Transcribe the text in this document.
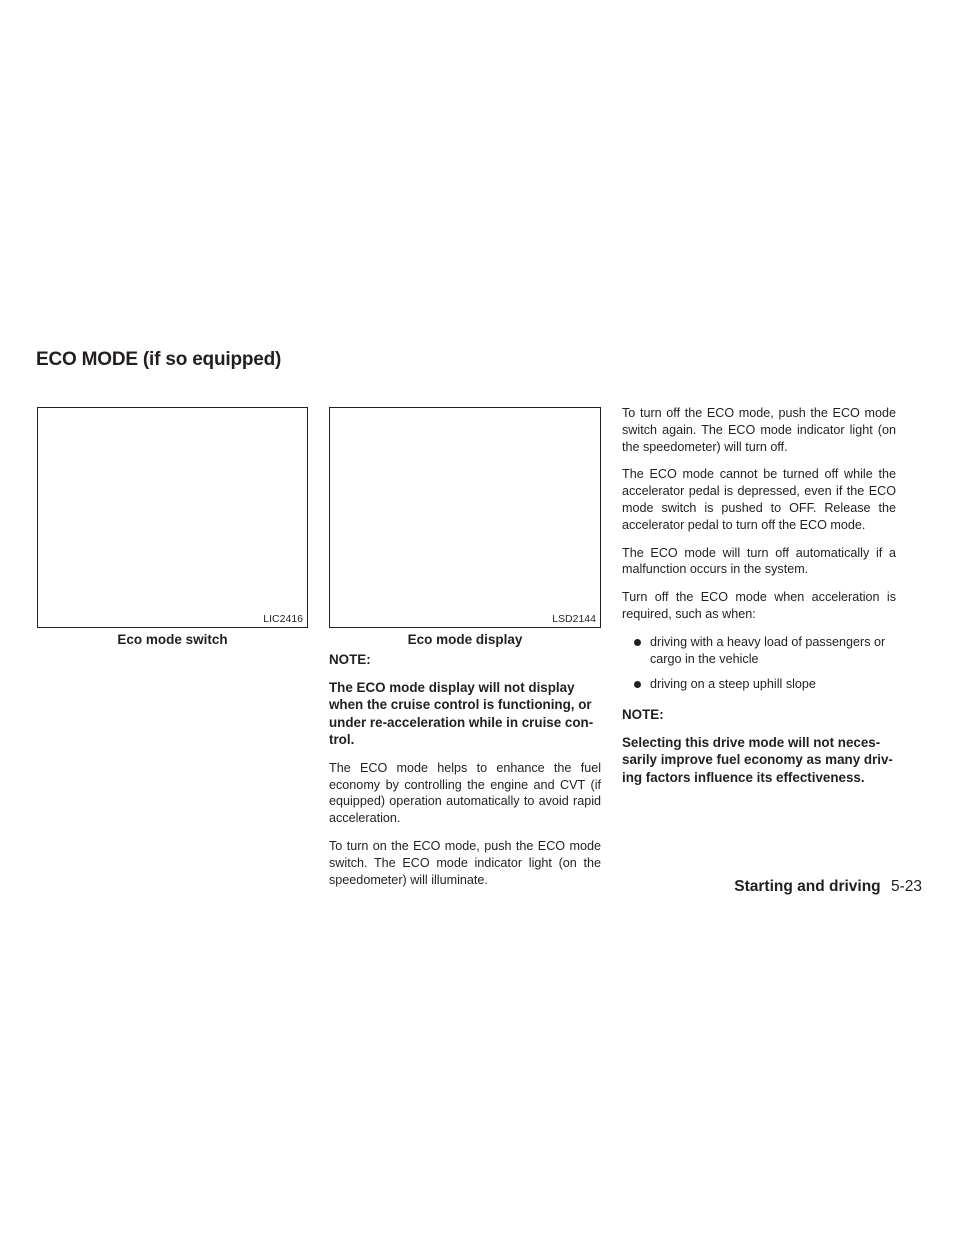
ECO MODE (if so equipped)
LIC2416
Eco mode switch
LSD2144
Eco mode display

NOTE:

The ECO mode display will not display when the cruise control is functioning, or under re-acceleration while in cruise con-trol.

The ECO mode helps to enhance the fuel economy by controlling the engine and CVT (if equipped) operation automatically to avoid rapid acceleration.

To turn on the ECO mode, push the ECO mode switch. The ECO mode indicator light (on the speedometer) will illuminate.

To turn off the ECO mode, push the ECO mode switch again. The ECO mode indicator light (on the speedometer) will turn off.

The ECO mode cannot be turned off while the accelerator pedal is depressed, even if the ECO mode switch is pushed to OFF. Release the accelerator pedal to turn off the ECO mode.

The ECO mode will turn off automatically if a malfunction occurs in the system.

Turn off the ECO mode when acceleration is required, such as when:

driving with a heavy load of passengers or cargo in the vehicle
driving on a steep uphill slope

NOTE:

Selecting this drive mode will not neces-sarily improve fuel economy as many driv-ing factors influence its effectiveness.

Starting and driving 5-23
